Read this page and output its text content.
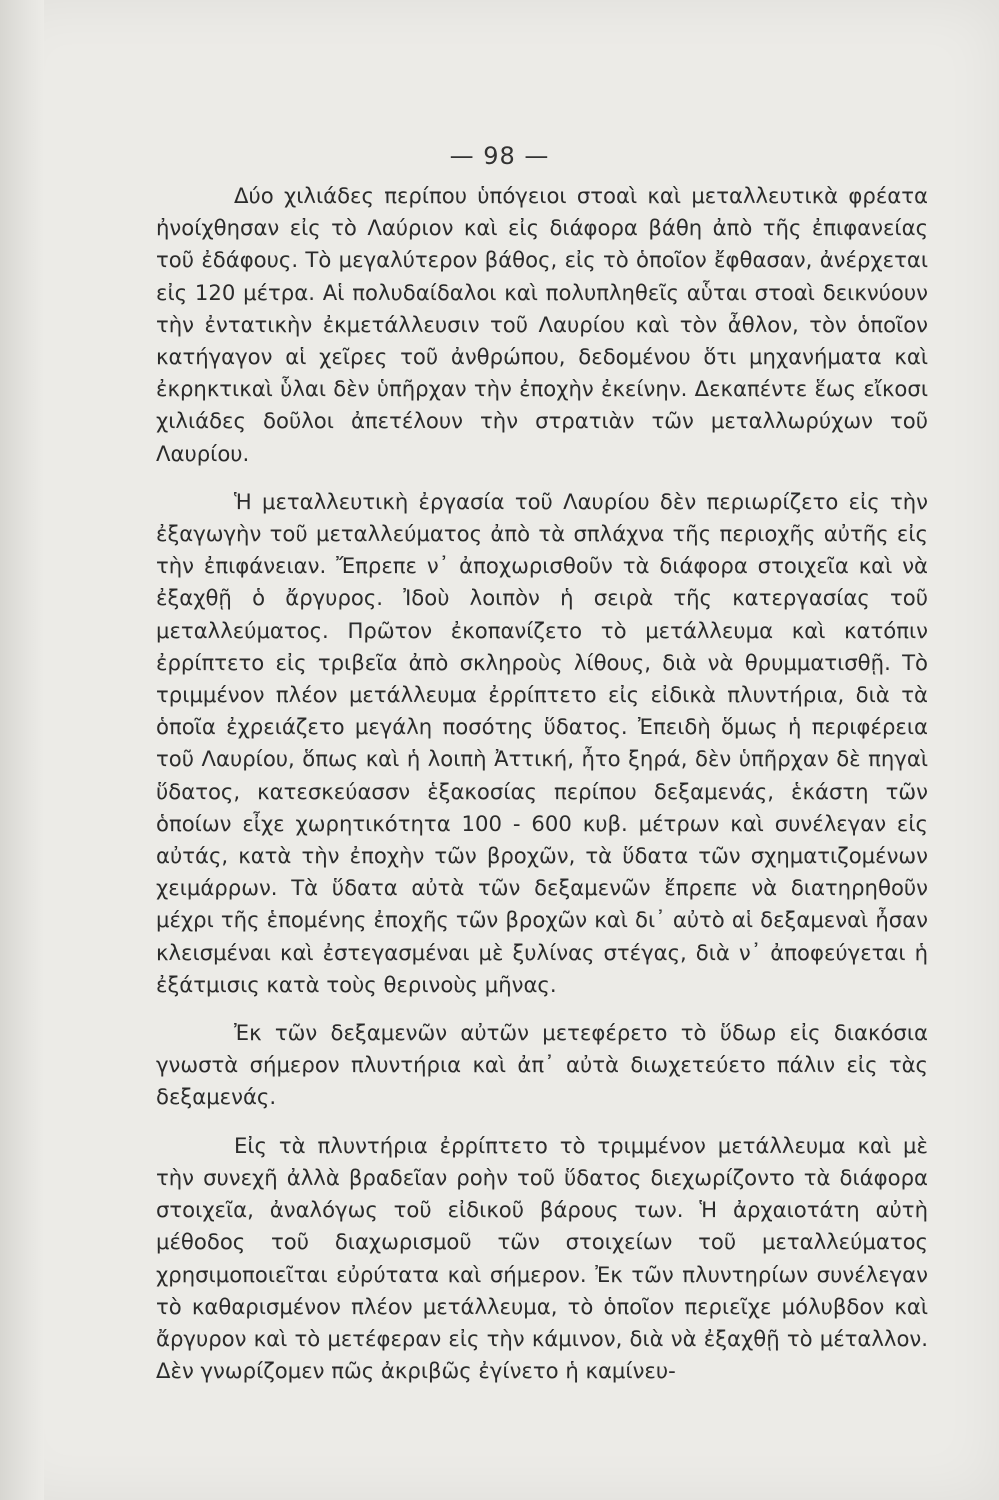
— 98 —

Δύο χιλιάδες περίπου ὑπόγειοι στοαὶ καὶ μεταλλευτικὰ φρέατα ἠνοίχθησαν εἰς τὸ Λαύριον καὶ εἰς διάφορα βάθη ἀπὸ τῆς ἐπιφανείας τοῦ ἐδάφους. Τὸ μεγαλύτερον βάθος, εἰς τὸ ὁποῖον ἔφθασαν, ἀνέρχεται εἰς 120 μέτρα. Αἱ πολυδαίδαλοι καὶ πολυπληθεῖς αὗται στοαὶ δεικνύουν τὴν ἐντατικὴν ἐκμετάλλευσιν τοῦ Λαυρίου καὶ τὸν ἆθλον, τὸν ὁποῖον κατήγαγον αἱ χεῖρες τοῦ ἀνθρώπου, δεδομένου ὅτι μηχανήματα καὶ ἐκρηκτικαὶ ὗλαι δὲν ὑπῆρχαν τὴν ἐποχὴν ἐκείνην. Δεκαπέντε ἕως εἴκοσι χιλιάδες δοῦλοι ἀπετέλουν τὴν στρατιὰν τῶν μεταλλωρύχων τοῦ Λαυρίου.

Ἡ μεταλλευτικὴ ἐργασία τοῦ Λαυρίου δὲν περιωρίζετο εἰς τὴν ἐξαγωγὴν τοῦ μεταλλεύματος ἀπὸ τὰ σπλάχνα τῆς περιοχῆς αὐτῆς εἰς τὴν ἐπιφάνειαν. Ἔπρεπε ν᾽ ἀποχωρισθοῦν τὰ διάφορα στοιχεῖα καὶ νὰ ἐξαχθῇ ὁ ἄργυρος. Ἰδοὺ λοιπὸν ἡ σειρὰ τῆς κατεργασίας τοῦ μεταλλεύματος. Πρῶτον ἐκοπανίζετο τὸ μετάλλευμα καὶ κατόπιν ἐρρίπτετο εἰς τριβεῖα ἀπὸ σκληροὺς λίθους, διὰ νὰ θρυμματισθῇ. Τὸ τριμμένον πλέον μετάλλευμα ἐρρίπτετο εἰς εἰδικὰ πλυντήρια, διὰ τὰ ὁποῖα ἐχρειάζετο μεγάλη ποσότης ὕδατος. Ἐπειδὴ ὅμως ἡ περιφέρεια τοῦ Λαυρίου, ὅπως καὶ ἡ λοιπὴ Ἀττική, ἦτο ξηρά, δὲν ὑπῆρχαν δὲ πηγαὶ ὕδατος, κατεσκεύασσν ἑξακοσίας περίπου δεξαμενάς, ἑκάστη τῶν ὁποίων εἶχε χωρητικότητα 100 - 600 κυβ. μέτρων καὶ συνέλεγαν εἰς αὐτάς, κατὰ τὴν ἐποχὴν τῶν βροχῶν, τὰ ὕδατα τῶν σχηματιζομένων χειμάρρων. Τὰ ὕδατα αὐτὰ τῶν δεξαμενῶν ἔπρεπε νὰ διατηρηθοῦν μέχρι τῆς ἑπομένης ἐποχῆς τῶν βροχῶν καὶ δι᾽ αὐτὸ αἱ δεξαμεναὶ ἦσαν κλεισμέναι καὶ ἐστεγασμέναι μὲ ξυλίνας στέγας, διὰ ν᾽ ἀποφεύγεται ἡ ἐξάτμισις κατὰ τοὺς θερινοὺς μῆνας.

Ἐκ τῶν δεξαμενῶν αὐτῶν μετεφέρετο τὸ ὕδωρ εἰς διακόσια γνωστὰ σήμερον πλυντήρια καὶ ἀπ᾽ αὐτὰ διωχετεύετο πάλιν εἰς τὰς δεξαμενάς.

Εἰς τὰ πλυντήρια ἐρρίπτετο τὸ τριμμένον μετάλλευμα καὶ μὲ τὴν συνεχῆ ἀλλὰ βραδεῖαν ροὴν τοῦ ὕδατος διεχωρίζοντο τὰ διάφορα στοιχεῖα, ἀναλόγως τοῦ εἰδικοῦ βάρους των. Ἡ ἀρχαιοτάτη αὐτὴ μέθοδος τοῦ διαχωρισμοῦ τῶν στοιχείων τοῦ μεταλλεύματος χρησιμοποιεῖται εὐρύτατα καὶ σήμερον. Ἐκ τῶν πλυντηρίων συνέλεγαν τὸ καθαρισμένον πλέον μετάλλευμα, τὸ ὁποῖον περιεῖχε μόλυβδον καὶ ἄργυρον καὶ τὸ μετέφεραν εἰς τὴν κάμινον, διὰ νὰ ἐξαχθῇ τὸ μέταλλον. Δὲν γνωρίζομεν πῶς ἀκριβῶς ἐγίνετο ἡ καμίνευ-
